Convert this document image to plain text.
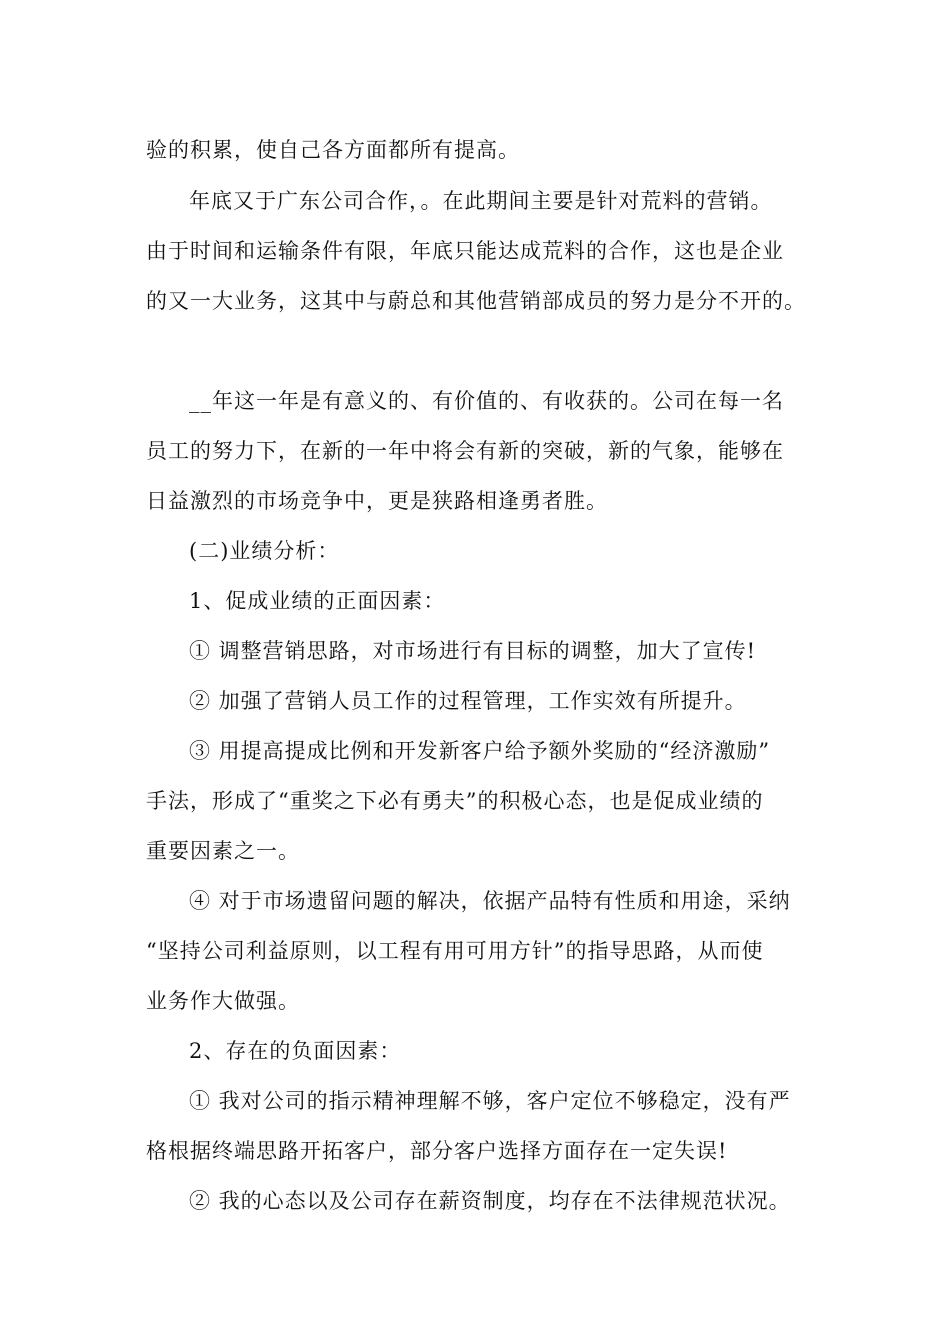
验的积累，使自己各方面都所有提高。
年底又于广东公司合作，。在此期间主要是针对荒料的营销。
由于时间和运输条件有限，年底只能达成荒料的合作，这也是企业
的又一大业务，这其中与蔚总和其他营销部成员的努力是分不开的。
__年这一年是有意义的、有价值的、有收获的。公司在每一名
员工的努力下，在新的一年中将会有新的突破，新的气象，能够在
日益激烈的市场竞争中，更是狭路相逢勇者胜。
(二)业绩分析：
1、促成业绩的正面因素：
① 调整营销思路，对市场进行有目标的调整，加大了宣传!
② 加强了营销人员工作的过程管理，工作实效有所提升。
③ 用提高提成比例和开发新客户给予额外奖励的“经济激励”
手法，形成了“重奖之下必有勇夫”的积极心态，也是促成业绩的
重要因素之一。
④ 对于市场遗留问题的解决，依据产品特有性质和用途，采纳
“坚持公司利益原则，以工程有用可用方针”的指导思路，从而使
业务作大做强。
2、存在的负面因素：
① 我对公司的指示精神理解不够，客户定位不够稳定，没有严
格根据终端思路开拓客户，部分客户选择方面存在一定失误!
② 我的心态以及公司存在薪资制度，均存在不法律规范状况。
